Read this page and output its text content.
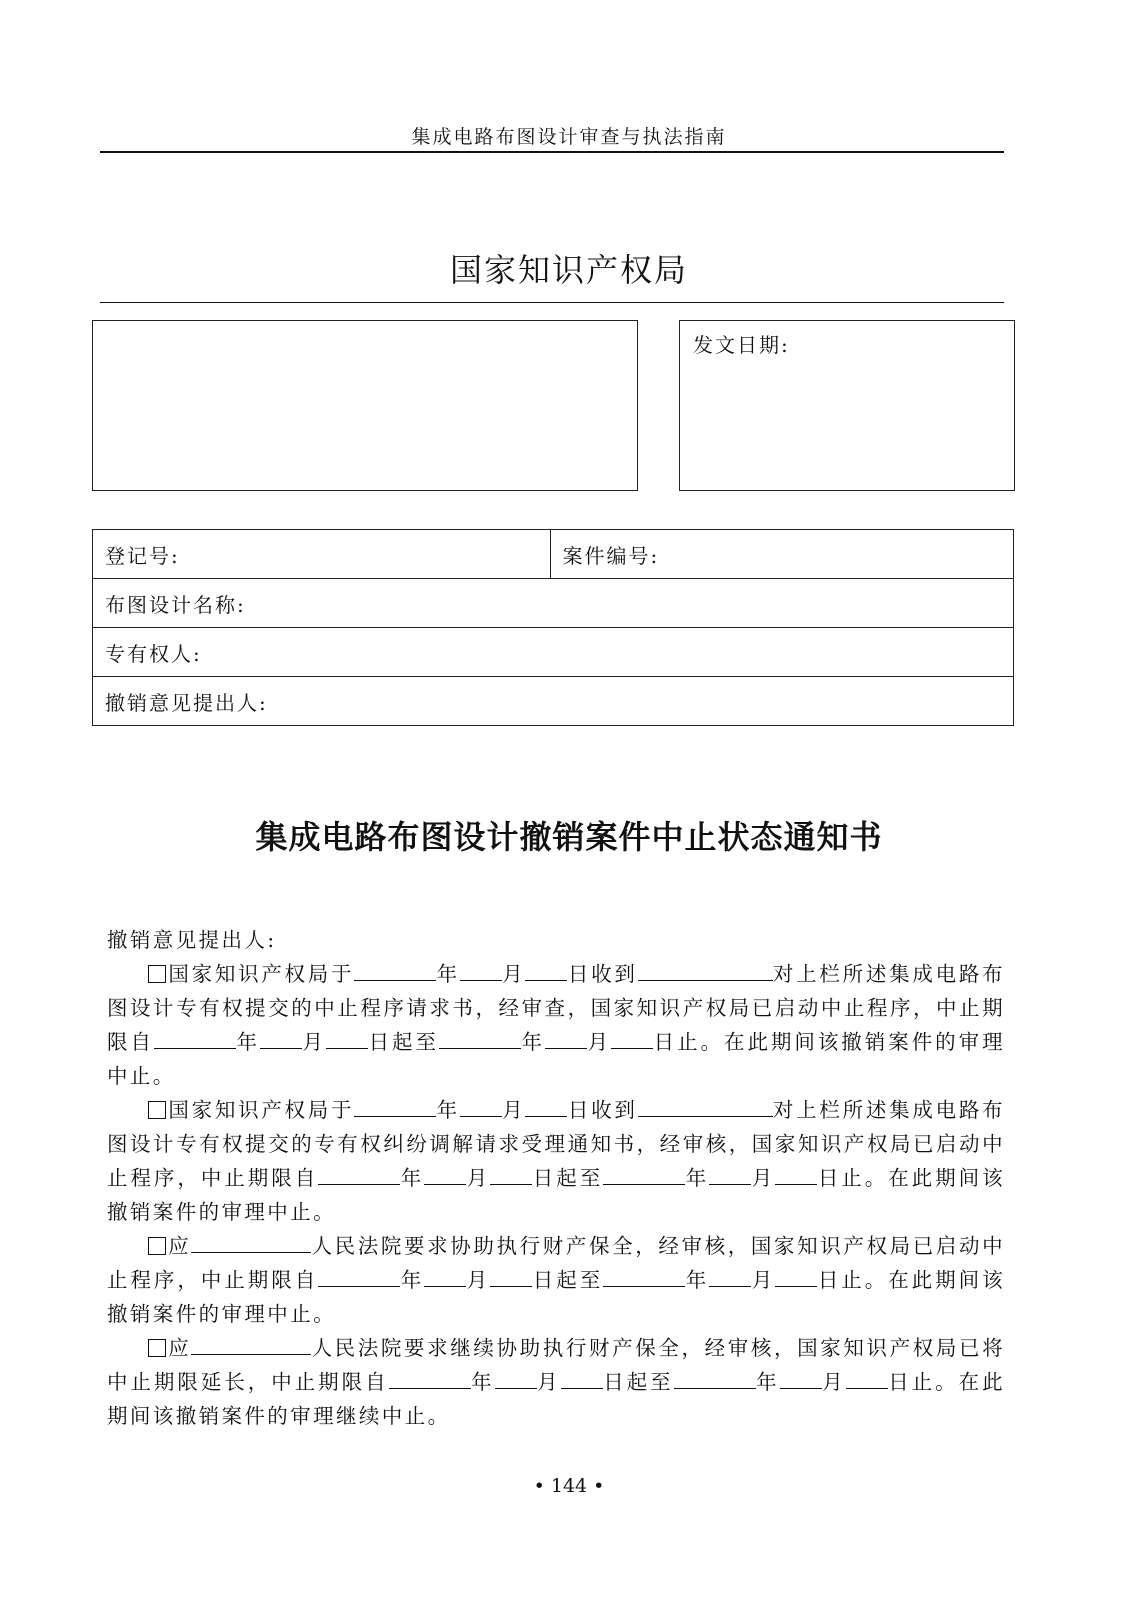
集成电路布图设计审查与执法指南
国家知识产权局
发文日期:
登记号:	案件编号:
布图设计名称:
专有权人:
撤销意见提出人:
集成电路布图设计撤销案件中止状态通知书

撤销意见提出人:

国家知识产权局于	年 月 日收到	对上栏所述集成电路布图设计专有权提交的中止程序请求书，经审查，国家知识产权局已启动中止程序，中止期限自	年 月 日起至	年 月 日止。在此期间该撤销案件的审理中止。

国家知识产权局于	年 月 日收到	对上栏所述集成电路布图设计专有权提交的专有权纠纷调解请求受理通知书，经审核，国家知识产权局已启动中止程序，中止期限自	年 月 日起至	年 月 日止。在此期间该撤销案件的审理中止。

应	人民法院要求协助执行财产保全，经审核，国家知识产权局已启动中止程序，中止期限自	年 月 日起至	年 月 日止。在此期间该撤销案件的审理中止。

应	人民法院要求继续协助执行财产保全，经审核，国家知识产权局已将中止期限延长，中止期限自	年 月 日起至	年 月 日止。在此期间该撤销案件的审理继续中止。

• 144 •
